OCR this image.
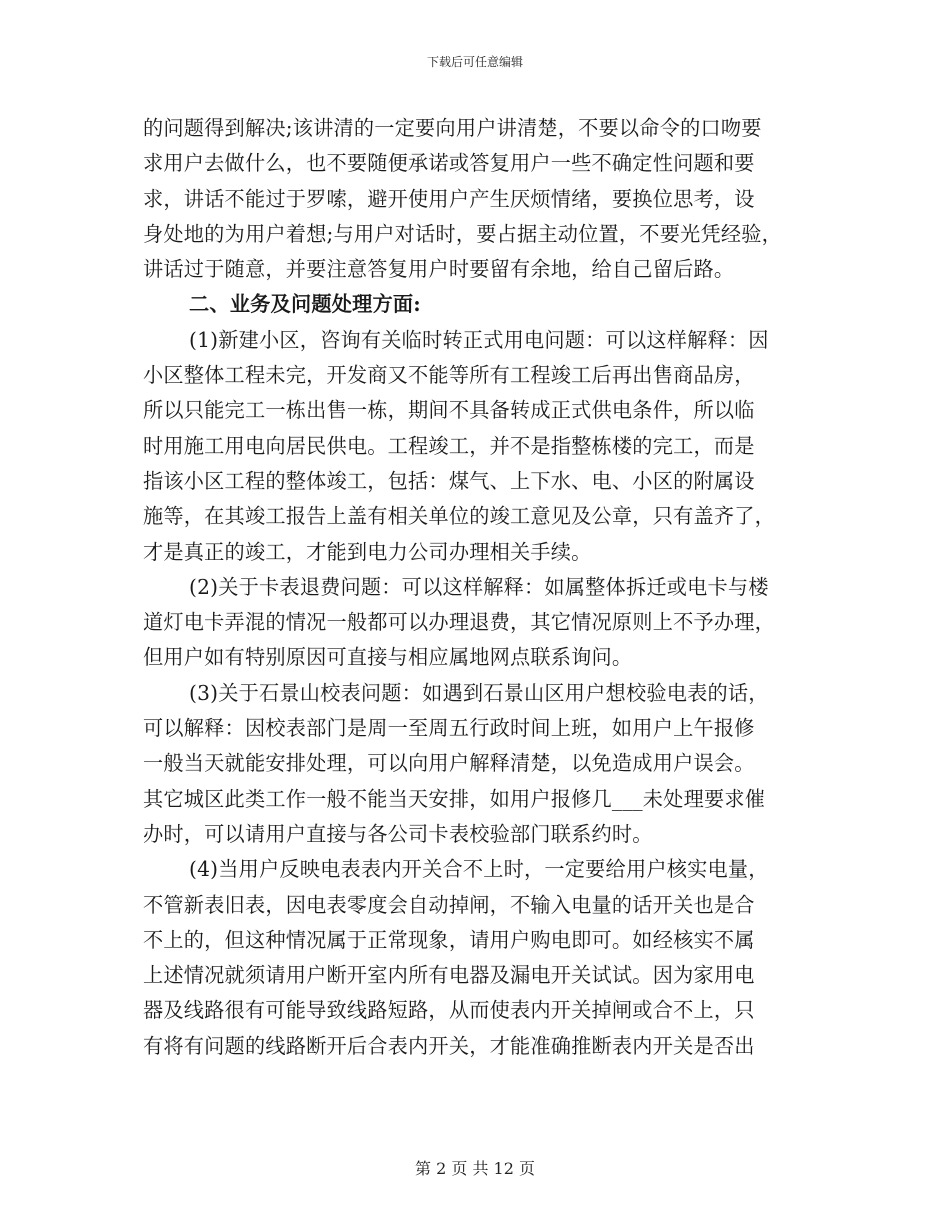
下载后可任意编辑
的问题得到解决;该讲清的一定要向用户讲清楚，不要以命令的口吻要
求用户去做什么，也不要随便承诺或答复用户一些不确定性问题和要
求，讲话不能过于罗嗦，避开使用户产生厌烦情绪，要换位思考，设
身处地的为用户着想;与用户对话时，要占据主动位置，不要光凭经验，
讲话过于随意，并要注意答复用户时要留有余地，给自己留后路。
二、业务及问题处理方面:
(1)新建小区，咨询有关临时转正式用电问题：可以这样解释：因
小区整体工程未完，开发商又不能等所有工程竣工后再出售商品房，
所以只能完工一栋出售一栋，期间不具备转成正式供电条件，所以临
时用施工用电向居民供电。工程竣工，并不是指整栋楼的完工，而是
指该小区工程的整体竣工，包括：煤气、上下水、电、小区的附属设
施等，在其竣工报告上盖有相关单位的竣工意见及公章，只有盖齐了，
才是真正的竣工，才能到电力公司办理相关手续。
(2)关于卡表退费问题：可以这样解释：如属整体拆迁或电卡与楼
道灯电卡弄混的情况一般都可以办理退费，其它情况原则上不予办理，
但用户如有特别原因可直接与相应属地网点联系询问。
(3)关于石景山校表问题：如遇到石景山区用户想校验电表的话，
可以解释：因校表部门是周一至周五行政时间上班，如用户上午报修
一般当天就能安排处理，可以向用户解释清楚，以免造成用户误会。
其它城区此类工作一般不能当天安排，如用户报修几___未处理要求催
办时，可以请用户直接与各公司卡表校验部门联系约时。
(4)当用户反映电表表内开关合不上时，一定要给用户核实电量，
不管新表旧表，因电表零度会自动掉闸，不输入电量的话开关也是合
不上的，但这种情况属于正常现象，请用户购电即可。如经核实不属
上述情况就须请用户断开室内所有电器及漏电开关试试。因为家用电
器及线路很有可能导致线路短路，从而使表内开关掉闸或合不上，只
有将有问题的线路断开后合表内开关，才能准确推断表内开关是否出
第 2 页 共 12 页
